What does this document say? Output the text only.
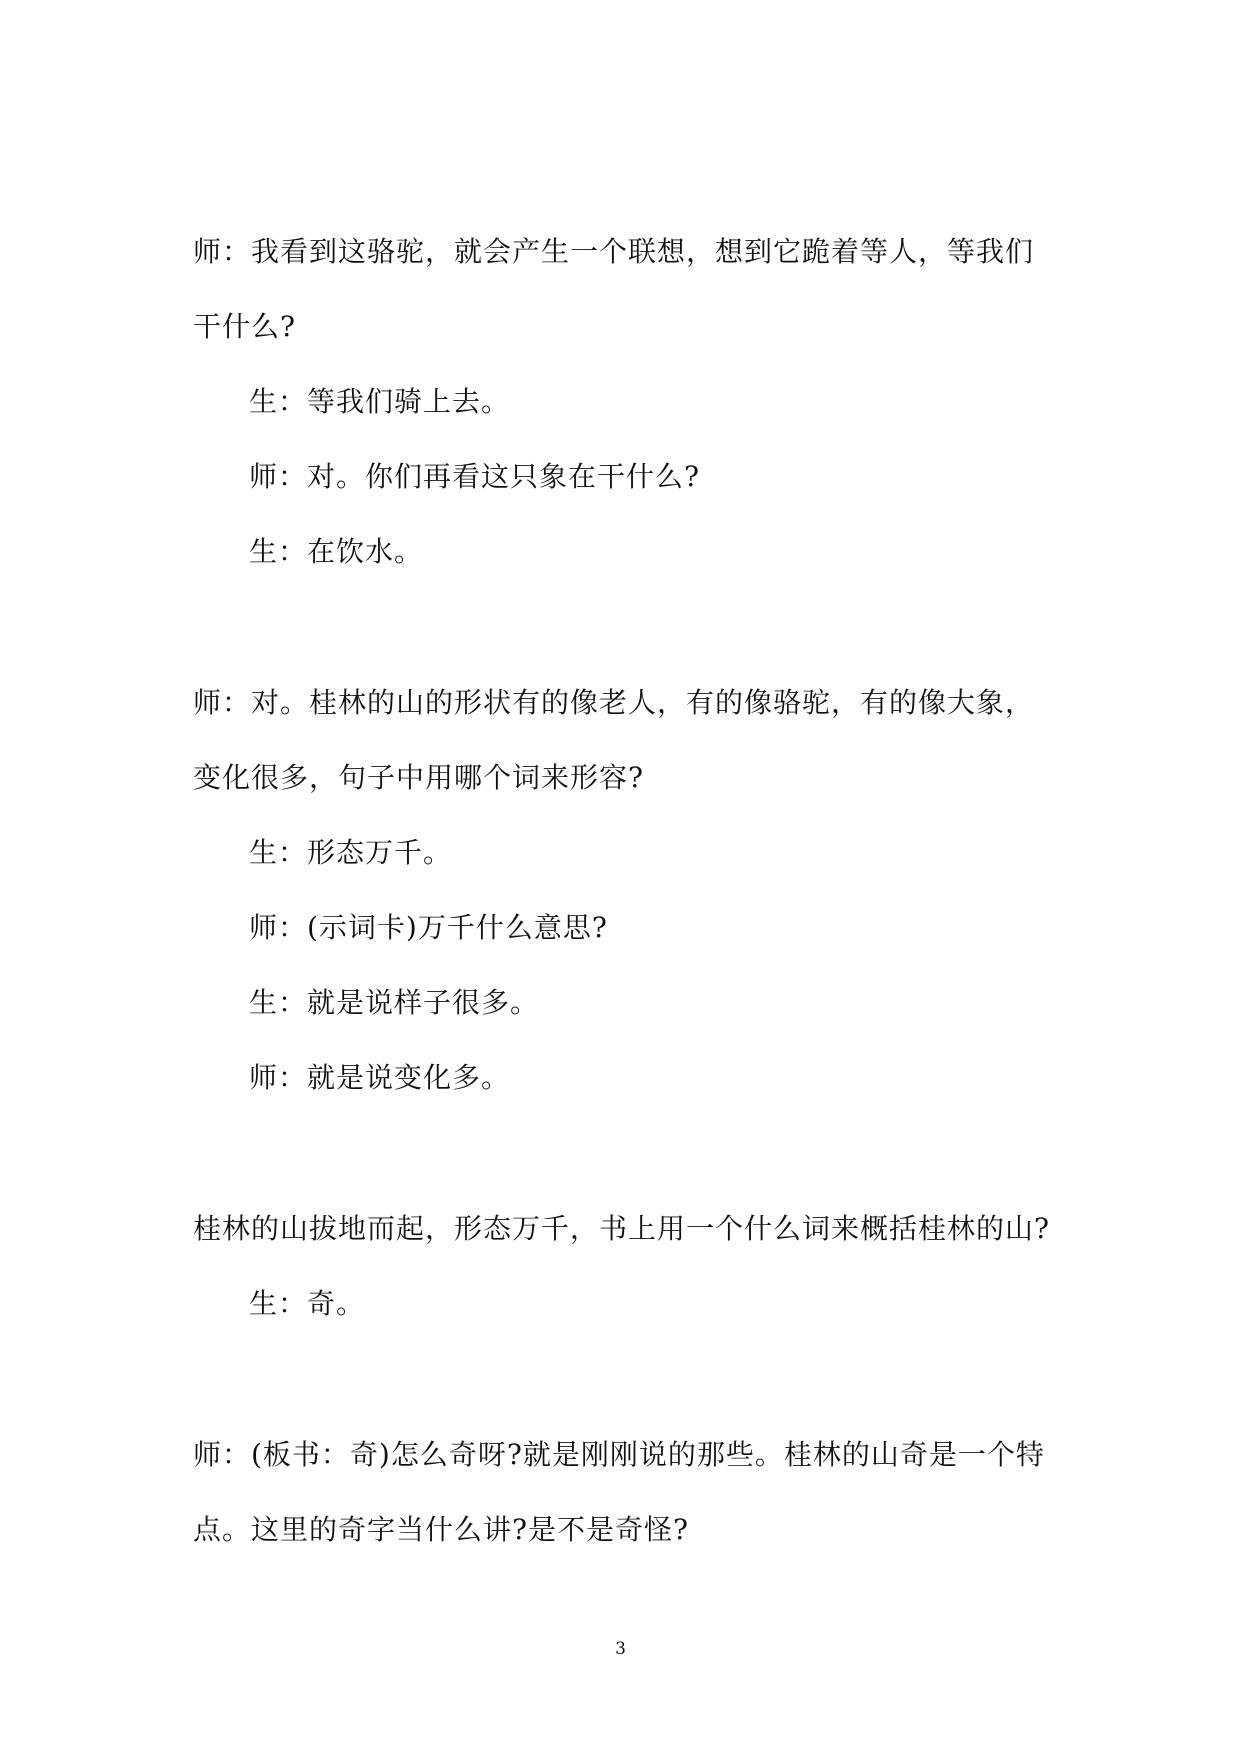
师：我看到这骆驼，就会产生一个联想，想到它跪着等人，等我们
干什么?
生：等我们骑上去。
师：对。你们再看这只象在干什么?
生：在饮水。
师：对。桂林的山的形状有的像老人，有的像骆驼，有的像大象，
变化很多，句子中用哪个词来形容?
生：形态万千。
师：(示词卡)万千什么意思?
生：就是说样子很多。
师：就是说变化多。
桂林的山拔地而起，形态万千，书上用一个什么词来概括桂林的山?
生：奇。
师：(板书：奇)怎么奇呀?就是刚刚说的那些。桂林的山奇是一个特
点。这里的奇字当什么讲?是不是奇怪?
3
